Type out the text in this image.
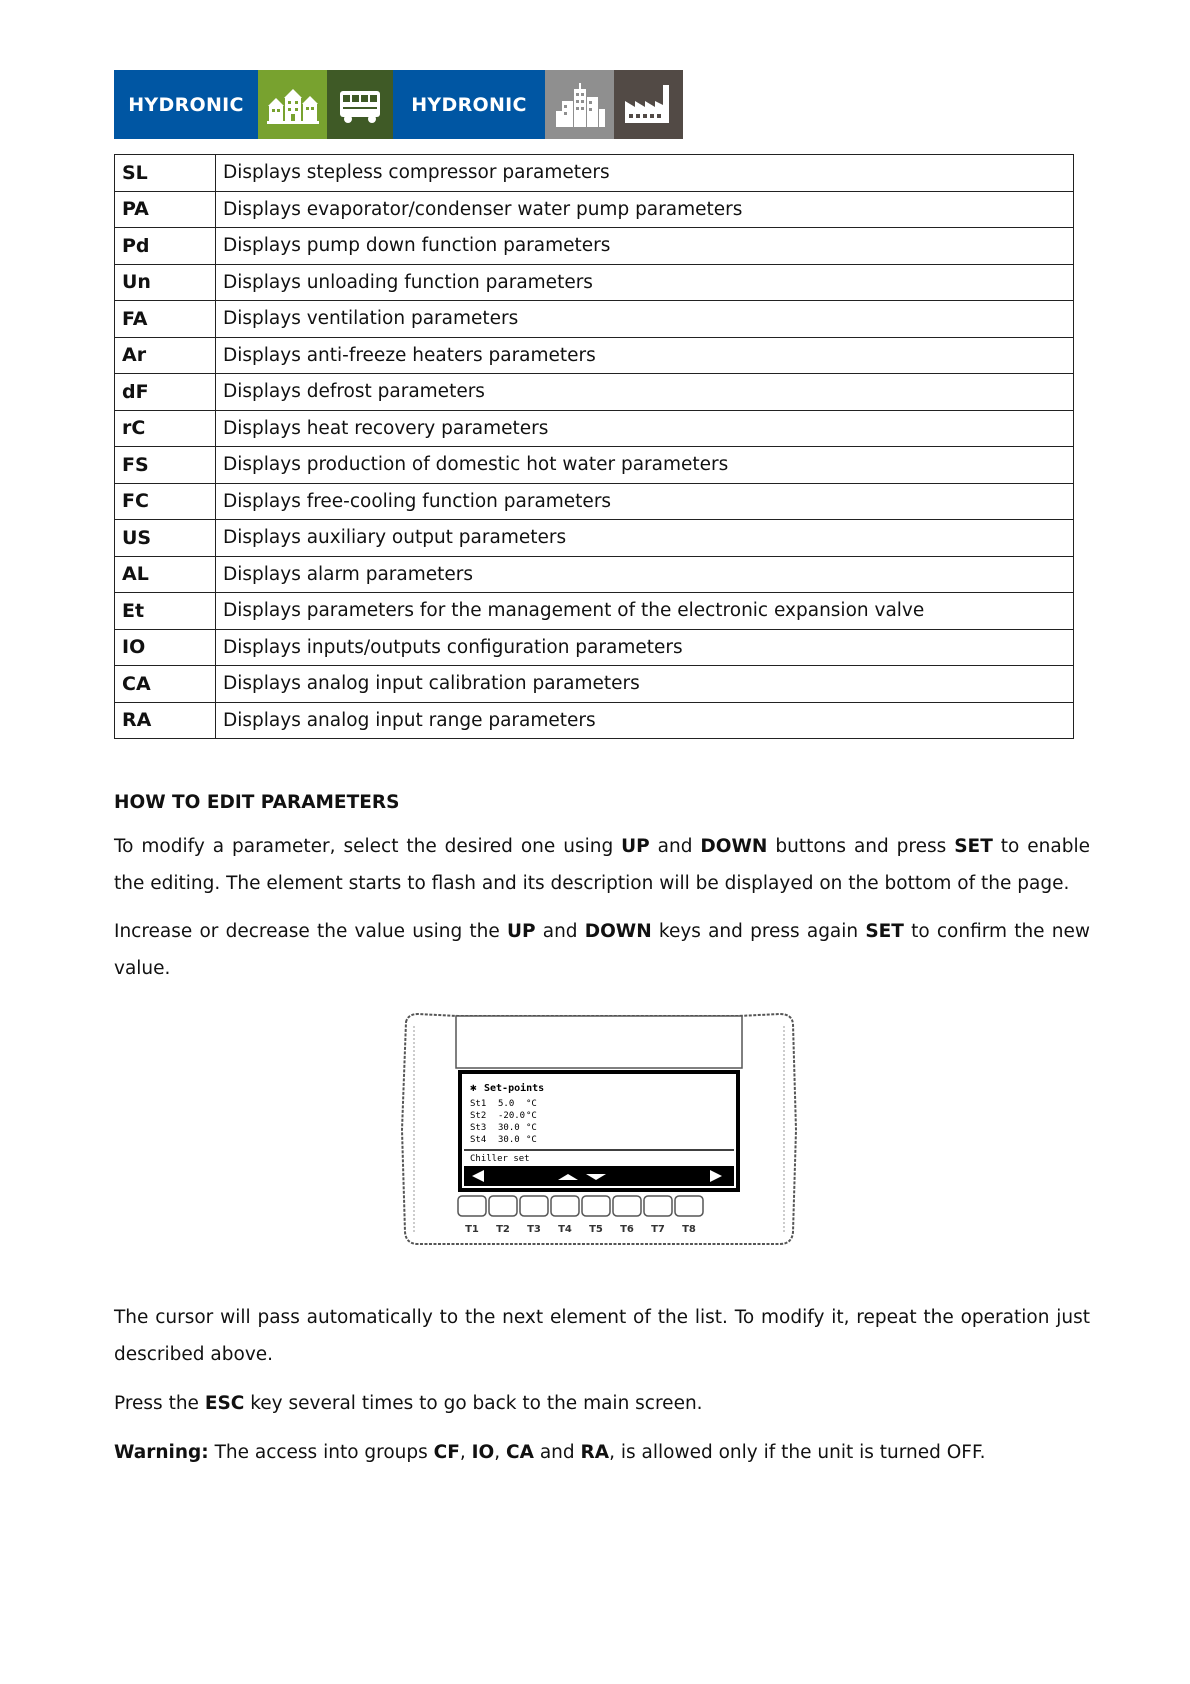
HYDRONIC	HYDRONIC
SL	Displays stepless compressor parameters
PA	Displays evaporator/condenser water pump parameters
Pd	Displays pump down function parameters
Un	Displays unloading function parameters
FA	Displays ventilation parameters
Ar	Displays anti-freeze heaters parameters
dF	Displays defrost parameters
rC	Displays heat recovery parameters
FS	Displays production of domestic hot water parameters
FC	Displays free-cooling function parameters
US	Displays auxiliary output parameters
AL	Displays alarm parameters
Et	Displays parameters for the management of the electronic expansion valve
IO	Displays inputs/outputs configuration parameters
CA	Displays analog input calibration parameters
RA	Displays analog input range parameters
HOW TO EDIT PARAMETERS
To modify a parameter, select the desired one using UP and DOWN buttons and press SET to enable the editing. The element starts to flash and its description will be displayed on the bottom of the page.
Increase or decrease the value using the UP and DOWN keys and press again SET to confirm the new value.
✱ Set-points
St1 5.0 °C
St2 -20.0 °C
St3 30.0 °C
St4 30.0 °C
Chiller set
T1 T2 T3 T4 T5 T6 T7 T8
The cursor will pass automatically to the next element of the list. To modify it, repeat the operation just described above.
Press the ESC key several times to go back to the main screen.
Warning: The access into groups CF, IO, CA and RA, is allowed only if the unit is turned OFF.
